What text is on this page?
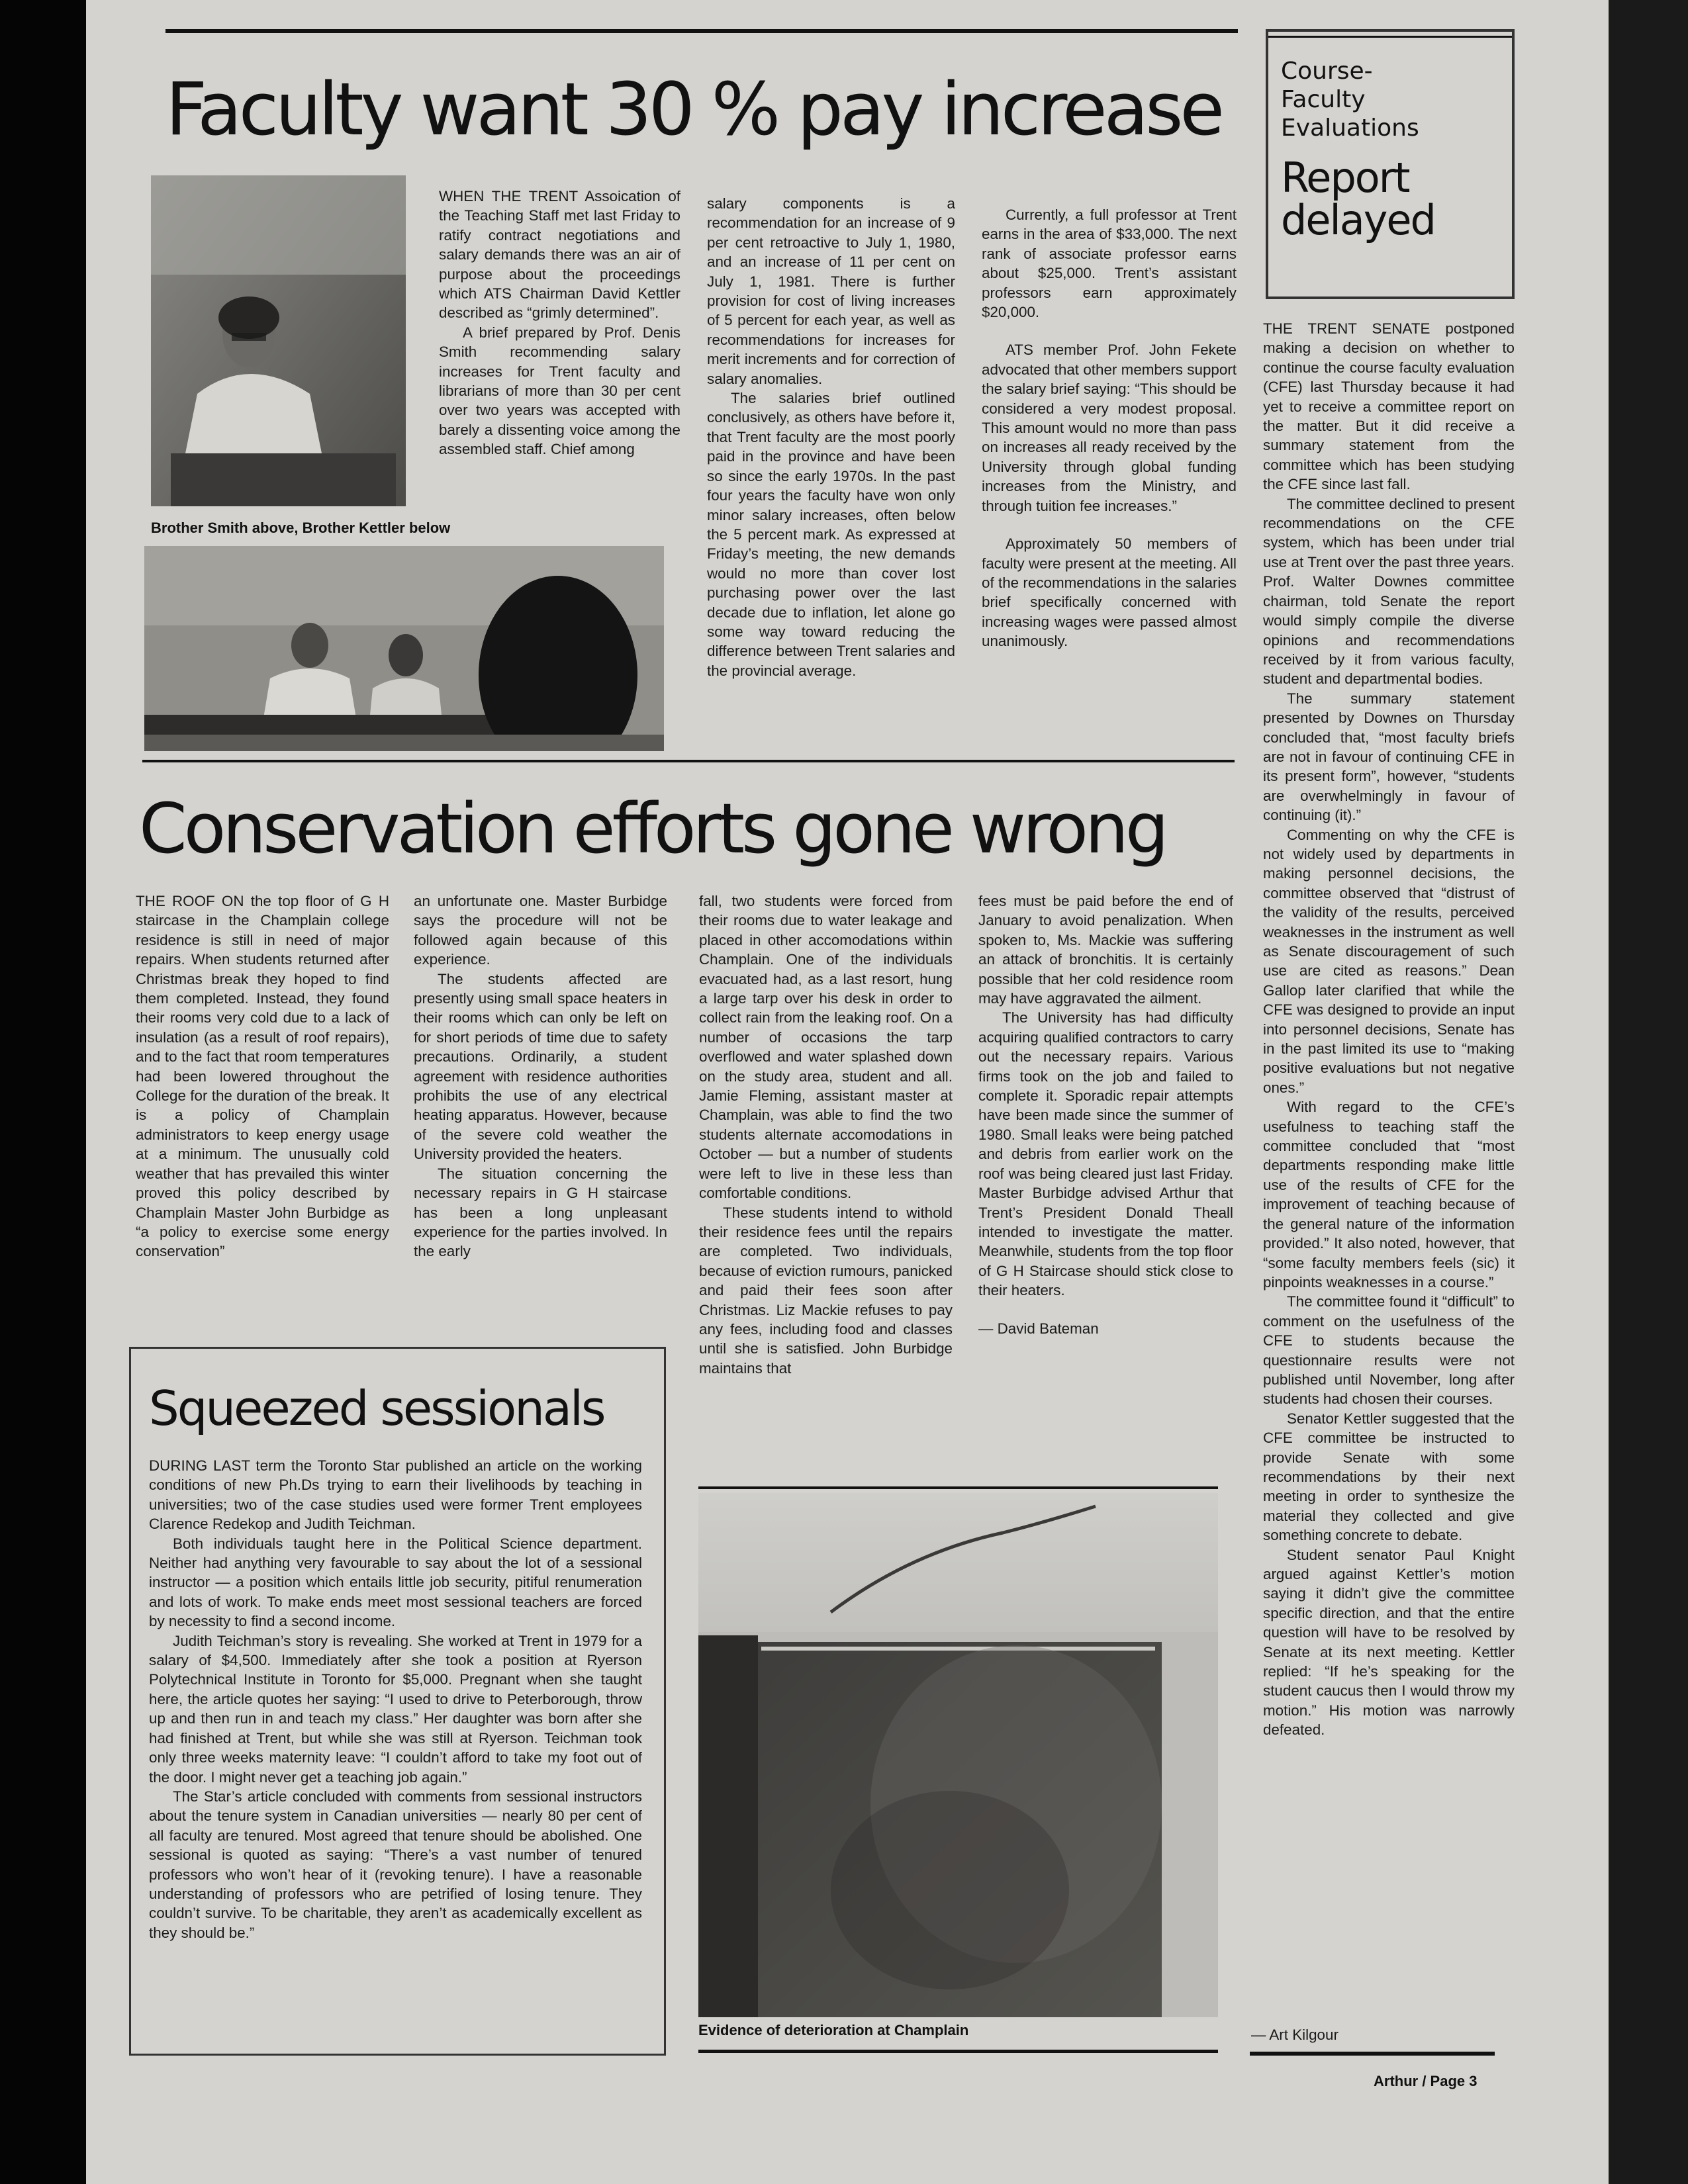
Faculty want 30 % pay increase

Brother Smith above, Brother Kettler below

WHEN THE TRENT Assoication of the Teaching Staff met last Friday to ratify contract negotiations and salary demands there was an air of purpose about the proceedings which ATS Chairman David Kettler described as “grimly determined”.

A brief prepared by Prof. Denis Smith recommending salary increases for Trent faculty and librarians of more than 30 per cent over two years was accepted with barely a dissenting voice among the assembled staff. Chief among

salary components is a recommendation for an increase of 9 per cent retroactive to July 1, 1980, and an increase of 11 per cent on July 1, 1981. There is further provision for cost of living increases of 5 percent for each year, as well as recommendations for increases for merit increments and for correction of salary anomalies.

The salaries brief outlined conclusively, as others have before it, that Trent faculty are the most poorly paid in the province and have been so since the early 1970s. In the past four years the faculty have won only minor salary increases, often below the 5 percent mark. As expressed at Friday’s meeting, the new demands would no more than cover lost purchasing power over the last decade due to inflation, let alone go some way toward reducing the difference between Trent salaries and the provincial average.

Currently, a full professor at Trent earns in the area of $33,000. The next rank of associate professor earns about $25,000. Trent’s assistant professors earn approximately $20,000.

ATS member Prof. John Fekete advocated that other members support the salary brief saying: “This should be considered a very modest proposal. This amount would no more than pass on increases all ready received by the University through global funding increases from the Ministry, and through tuition fee increases.”

Approximately 50 members of faculty were present at the meeting. All of the recommendations in the salaries brief specifically concerned with increasing wages were passed almost unanimously.

Course-Faculty Evaluations

Report

delayed

THE TRENT SENATE postponed making a decision on whether to continue the course faculty evaluation (CFE) last Thursday because it had yet to receive a committee report on the matter. But it did receive a summary statement from the committee which has been studying the CFE since last fall.

The committee declined to present recommendations on the CFE system, which has been under trial use at Trent over the past three years. Prof. Walter Downes committee chairman, told Senate the report would simply compile the diverse opinions and recommendations received by it from various faculty, student and departmental bodies.

The summary statement presented by Downes on Thursday concluded that, “most faculty briefs are not in favour of continuing CFE in its present form”, however, “students are overwhelmingly in favour of continuing (it).”

Commenting on why the CFE is not widely used by departments in making personnel decisions, the committee observed that “distrust of the validity of the results, perceived weaknesses in the instrument as well as Senate discouragement of such use are cited as reasons.” Dean Gallop later clarified that while the CFE was designed to provide an input into personnel decisions, Senate has in the past limited its use to “making positive evaluations but not negative ones.”

With regard to the CFE’s usefulness to teaching staff the committee concluded that “most departments responding make little use of the results of CFE for the improvement of teaching because of the general nature of the information provided.” It also noted, however, that “some faculty members feels (sic) it pinpoints weaknesses in a course.”

The committee found it “difficult” to comment on the usefulness of the CFE to students because the questionnaire results were not published until November, long after students had chosen their courses.

Senator Kettler suggested that the CFE committee be instructed to provide Senate with some recommendations by their next meeting in order to synthesize the material they collected and give something concrete to debate.

Student senator Paul Knight argued against Kettler’s motion saying it didn’t give the committee specific direction, and that the entire question will have to be resolved by Senate at its next meeting. Kettler replied: “If he’s speaking for the student caucus then I would throw my motion.” His motion was narrowly defeated.

— Art Kilgour

Conservation efforts gone wrong

THE ROOF ON the top floor of G H staircase in the Champlain college residence is still in need of major repairs. When students returned after Christmas break they hoped to find them completed. Instead, they found their rooms very cold due to a lack of insulation (as a result of roof repairs), and to the fact that room temperatures had been lowered throughout the College for the duration of the break. It is a policy of Champlain administrators to keep energy usage at a minimum. The unusually cold weather that has prevailed this winter proved this policy described by Champlain Master John Burbidge as “a policy to exercise some energy conservation”

an unfortunate one. Master Burbidge says the procedure will not be followed again because of this experience.

The students affected are presently using small space heaters in their rooms which can only be left on for short periods of time due to safety precautions. Ordinarily, a student agreement with residence authorities prohibits the use of any electrical heating apparatus. However, because of the severe cold weather the University provided the heaters.

The situation concerning the necessary repairs in G H staircase has been a long unpleasant experience for the parties involved. In the early

fall, two students were forced from their rooms due to water leakage and placed in other accomodations within Champlain. One of the individuals evacuated had, as a last resort, hung a large tarp over his desk in order to collect rain from the leaking roof. On a number of occasions the tarp overflowed and water splashed down on the study area, student and all. Jamie Fleming, assistant master at Champlain, was able to find the two students alternate accomodations in October — but a number of students were left to live in these less than comfortable conditions.

These students intend to withold their residence fees until the repairs are completed. Two individuals, because of eviction rumours, panicked and paid their fees soon after Christmas. Liz Mackie refuses to pay any fees, including food and classes until she is satisfied. John Burbidge maintains that

fees must be paid before the end of January to avoid penalization. When spoken to, Ms. Mackie was suffering an attack of bronchitis. It is certainly possible that her cold residence room may have aggravated the ailment.

The University has had difficulty acquiring qualified contractors to carry out the necessary repairs. Various firms took on the job and failed to complete it. Sporadic repair attempts have been made since the summer of 1980. Small leaks were being patched and debris from earlier work on the roof was being cleared just last Friday. Master Burbidge advised Arthur that Trent’s President Donald Theall intended to investigate the matter. Meanwhile, students from the top floor of G H Staircase should stick close to their heaters.

— David Bateman

Evidence of deterioration at Champlain

Squeezed sessionals

DURING LAST term the Toronto Star published an article on the working conditions of new Ph.Ds trying to earn their livelihoods by teaching in universities; two of the case studies used were former Trent employees Clarence Redekop and Judith Teichman.

Both individuals taught here in the Political Science department. Neither had anything very favourable to say about the lot of a sessional instructor — a position which entails little job security, pitiful renumeration and lots of work. To make ends meet most sessional teachers are forced by necessity to find a second income.

Judith Teichman’s story is revealing. She worked at Trent in 1979 for a salary of $4,500. Immediately after she took a position at Ryerson Polytechnical Institute in Toronto for $5,000. Pregnant when she taught here, the article quotes her saying: “I used to drive to Peterborough, throw up and then run in and teach my class.” Her daughter was born after she had finished at Trent, but while she was still at Ryerson. Teichman took only three weeks maternity leave: “I couldn’t afford to take my foot out of the door. I might never get a teaching job again.”

The Star’s article concluded with comments from sessional instructors about the tenure system in Canadian universities — nearly 80 per cent of all faculty are tenured. Most agreed that tenure should be abolished. One sessional is quoted as saying: “There’s a vast number of tenured professors who won’t hear of it (revoking tenure). I have a reasonable understanding of professors who are petrified of losing tenure. They couldn’t survive. To be charitable, they aren’t as academically excellent as they should be.”

Arthur / Page 3
